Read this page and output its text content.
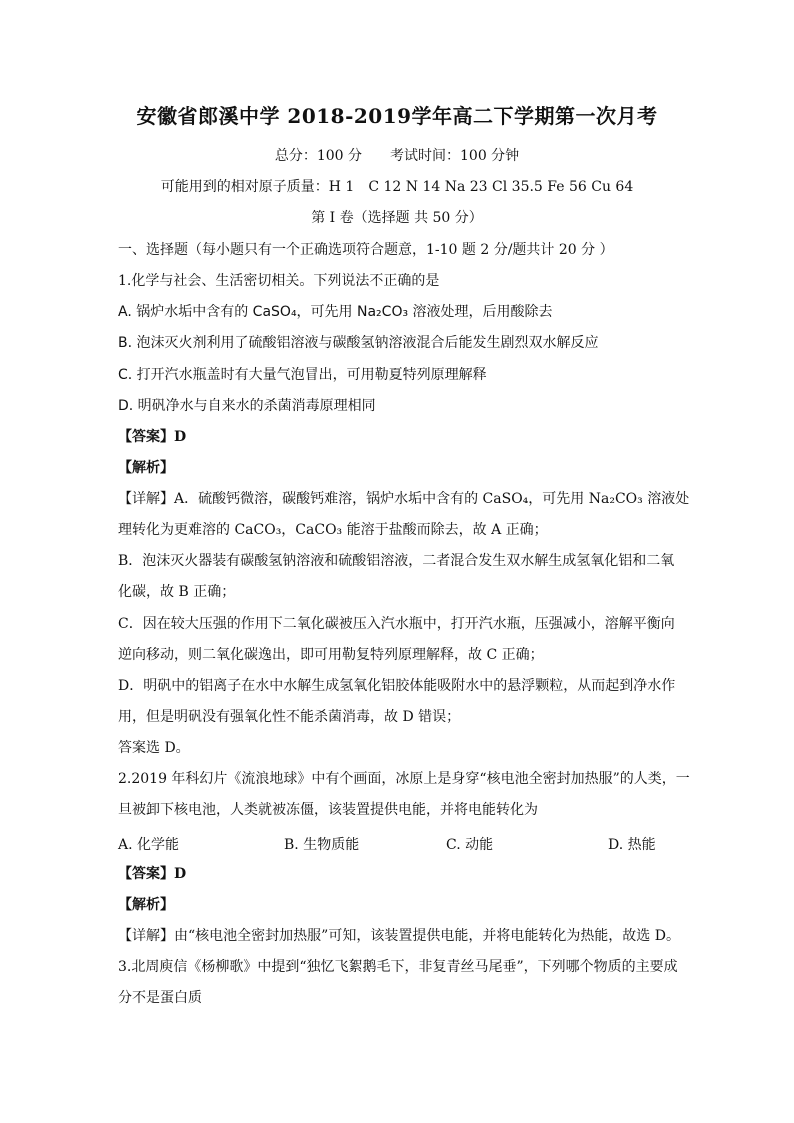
安徽省郎溪中学 2018-2019学年高二下学期第一次月考
总分：100 分　　考试时间：100 分钟
可能用到的相对原子质量：H 1　C 12 N 14 Na 23 Cl 35.5 Fe 56 Cu 64
第 I 卷（选择题 共 50 分）
一、选择题（每小题只有一个正确选项符合题意，1-10 题 2 分/题共计 20 分 ）
1.化学与社会、生活密切相关。下列说法不正确的是
A. 锅炉水垢中含有的 CaSO₄，可先用 Na₂CO₃ 溶液处理，后用酸除去
B. 泡沫灭火剂利用了硫酸铝溶液与碳酸氢钠溶液混合后能发生剧烈双水解反应
C. 打开汽水瓶盖时有大量气泡冒出，可用勒夏特列原理解释
D. 明矾净水与自来水的杀菌消毒原理相同
【答案】D
【解析】
【详解】A．硫酸钙微溶，碳酸钙难溶，锅炉水垢中含有的 CaSO₄，可先用 Na₂CO₃ 溶液处
理转化为更难溶的 CaCO₃，CaCO₃ 能溶于盐酸而除去，故 A 正确；
B．泡沫灭火器装有碳酸氢钠溶液和硫酸铝溶液，二者混合发生双水解生成氢氧化铝和二氧
化碳，故 B 正确；
C．因在较大压强的作用下二氧化碳被压入汽水瓶中，打开汽水瓶，压强减小，溶解平衡向
逆向移动，则二氧化碳逸出，即可用勒复特列原理解释，故 C 正确；
D．明矾中的铝离子在水中水解生成氢氧化铝胶体能吸附水中的悬浮颗粒，从而起到净水作
用，但是明矾没有强氧化性不能杀菌消毒，故 D 错误；
答案选 D。
2.2019 年科幻片《流浪地球》中有个画面，冰原上是身穿“核电池全密封加热服”的人类，一
旦被卸下核电池，人类就被冻僵，该装置提供电能，并将电能转化为
A. 化学能	B. 生物质能	C. 动能	D. 热能
【答案】D
【解析】
【详解】由“核电池全密封加热服”可知，该装置提供电能，并将电能转化为热能，故选 D。
3.北周庾信《杨柳歌》中提到“独忆飞絮鹅毛下，非复青丝马尾垂”，下列哪个物质的主要成
分不是蛋白质
